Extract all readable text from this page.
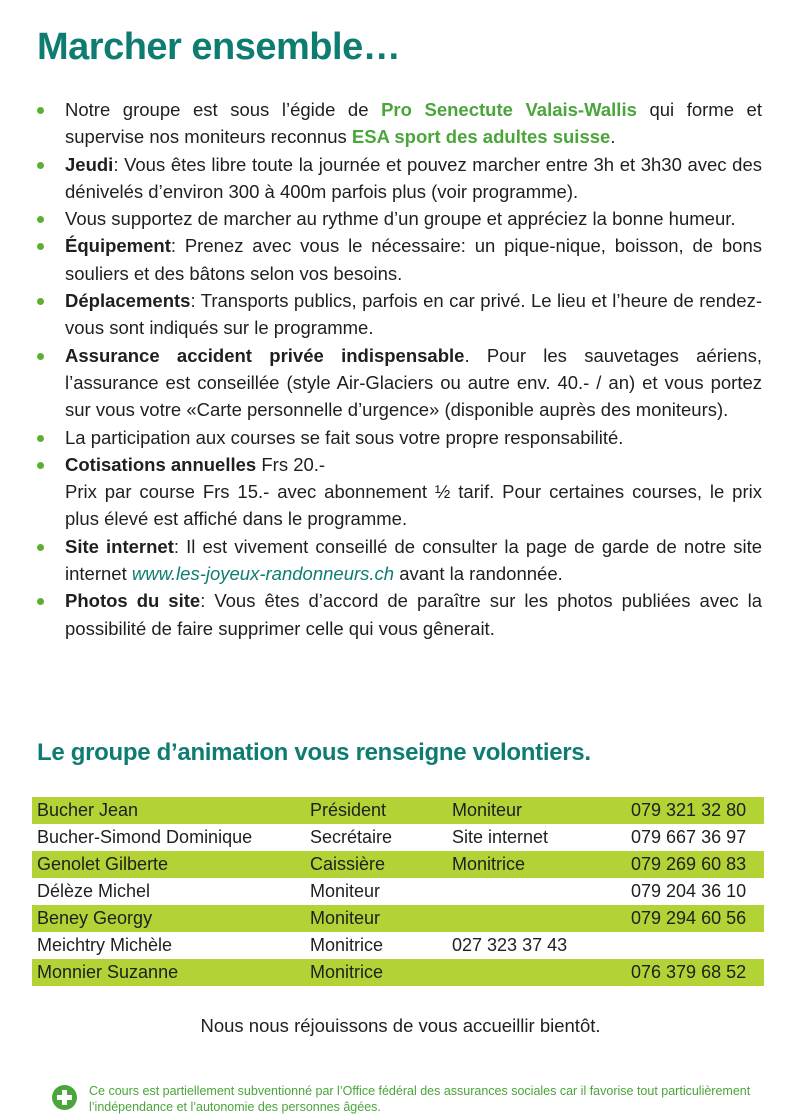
Marcher ensemble…
Notre groupe est sous l’égide de Pro Senectute Valais-Wallis qui forme et supervise nos moniteurs reconnus ESA sport des adultes suisse.
Jeudi: Vous êtes libre toute la journée et pouvez marcher entre 3h et 3h30 avec des dénivelés d’environ 300 à 400m parfois plus (voir programme).
Vous supportez de marcher au rythme d’un groupe et appréciez la bonne humeur.
Équipement: Prenez avec vous le nécessaire: un pique-nique, boisson, de bons souliers et des bâtons selon vos besoins.
Déplacements: Transports publics, parfois en car privé. Le lieu et l’heure de rendez-vous sont indiqués sur le programme.
Assurance accident privée indispensable. Pour les sauvetages aériens, l’assurance est conseillée (style Air-Glaciers ou autre env. 40.- / an) et vous portez sur vous votre «Carte personnelle d’urgence» (disponible auprès des moniteurs).
La participation aux courses se fait sous votre propre responsabilité.
Cotisations annuelles Frs 20.-
Prix par course Frs 15.- avec abonnement ½ tarif. Pour certaines courses, le prix plus élevé est affiché dans le programme.
Site internet: Il est vivement conseillé de consulter la page de garde de notre site internet www.les-joyeux-randonneurs.ch avant la randonnée.
Photos du site: Vous êtes d’accord de paraître sur les photos publiées avec la possibilité de faire supprimer celle qui vous gênerait.
Le groupe d’animation vous renseigne volontiers.
Bucher Jean	Président	Moniteur	079 321 32 80
Bucher-Simond Dominique	Secrétaire	Site internet	079 667 36 97
Genolet Gilberte	Caissière	Monitrice	079 269 60 83
Délèze Michel	Moniteur		079 204 36 10
Beney Georgy	Moniteur		079 294 60 56
Meichtry Michèle	Monitrice	027 323 37 43	
Monnier Suzanne	Monitrice		076 379 68 52
Nous nous réjouissons de vous accueillir bientôt.
Ce cours est partiellement subventionné par l’Office fédéral des assurances sociales car il favorise tout particulièrement l’indépendance et l’autonomie des personnes âgées.
